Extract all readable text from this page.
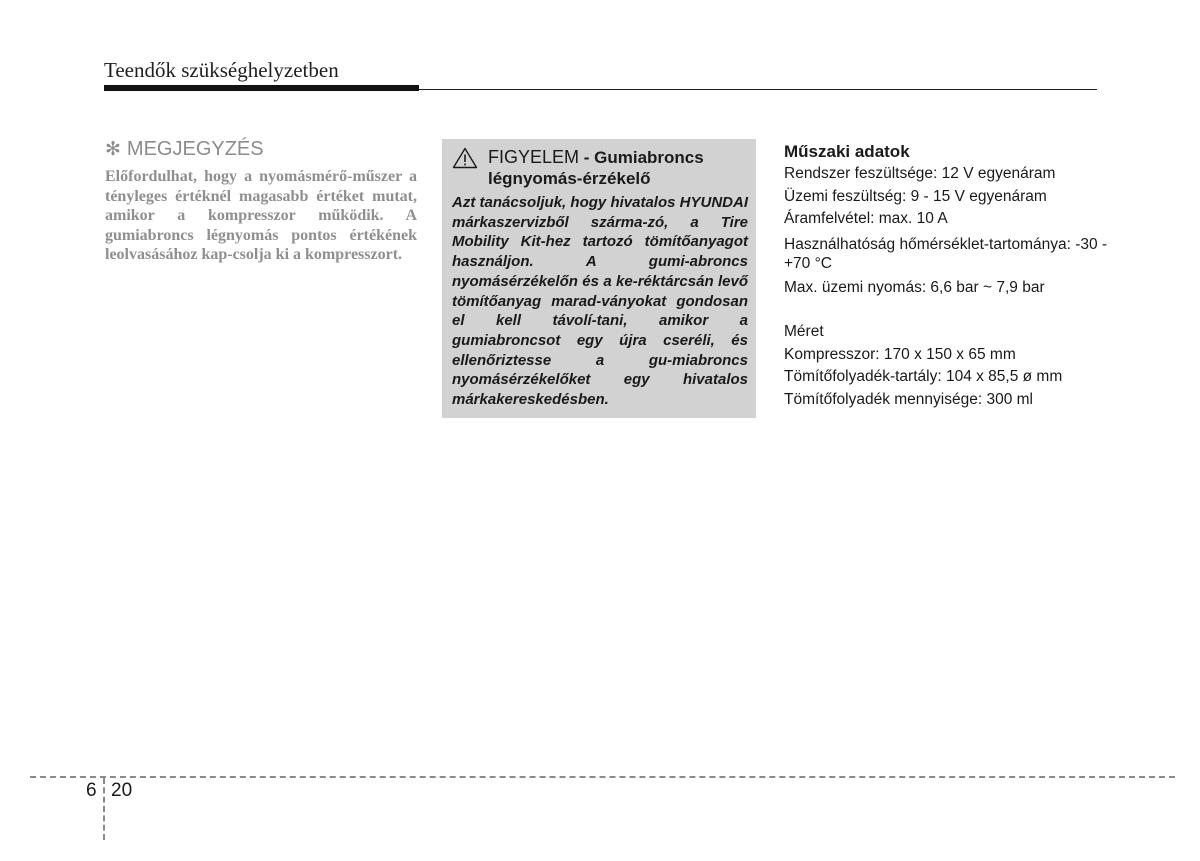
Teendők szükséghelyzetben
✻ MEGJEGYZÉS

Előfordulhat, hogy a nyomásmérő-műszer a tényleges értéknél magasabb értéket mutat, amikor a kompresszor működik. A gumiabroncs légnyomás pontos értékének leolvasásához kap-csolja ki a kompresszort.

FIGYELEM - Gumiabroncs légnyomás-érzékelő

Azt tanácsoljuk, hogy hivatalos HYUNDAI márkaszervizből szárma-zó, a Tire Mobility Kit-hez tartozó tömítőanyagot használjon. A gumi-abroncs nyomásérzékelőn és a ke-réktárcsán levő tömítőanyag marad-ványokat gondosan el kell távolí-tani, amikor a gumiabroncsot egy újra cseréli, és ellenőriztesse a gu-miabroncs nyomásérzékelőket egy hivatalos márkakereskedésben.

Műszaki adatok

Rendszer feszültsége: 12 V egyenáram
Üzemi feszültség: 9 - 15 V egyenáram
Áramfelvétel: max. 10 A
Használhatóság hőmérséklet-tartománya: -30 - +70 °C
Max. üzemi nyomás: 6,6 bar ~ 7,9 bar
Méret
Kompresszor: 170 x 150 x 65 mm
Tömítőfolyadék-tartály: 104 x 85,5 ø mm
Tömítőfolyadék mennyisége: 300 ml
6 20
